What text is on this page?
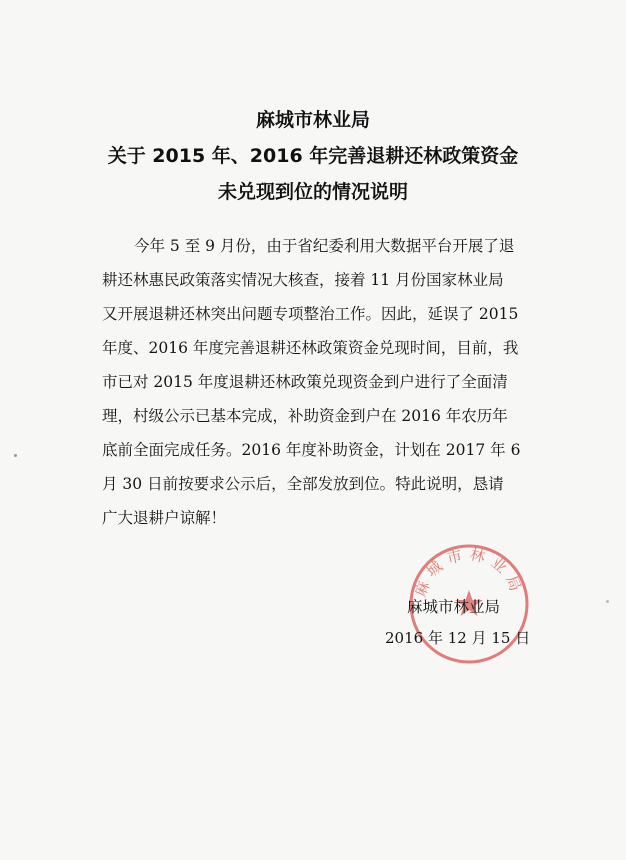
麻城市林业局
关于 2015 年、2016 年完善退耕还林政策资金
未兑现到位的情况说明
今年 5 至 9 月份，由于省纪委利用大数据平台开展了退
耕还林惠民政策落实情况大核查，接着 11 月份国家林业局
又开展退耕还林突出问题专项整治工作。因此，延误了 2015
年度、2016 年度完善退耕还林政策资金兑现时间，目前，我
市已对 2015 年度退耕还林政策兑现资金到户进行了全面清
理，村级公示已基本完成，补助资金到户在 2016 年农历年
底前全面完成任务。2016 年度补助资金，计划在 2017 年 6
月 30 日前按要求公示后，全部发放到位。特此说明，恳请
广大退耕户谅解！
麻城市林业局
麻城市林业局
2016 年 12 月 15 日
